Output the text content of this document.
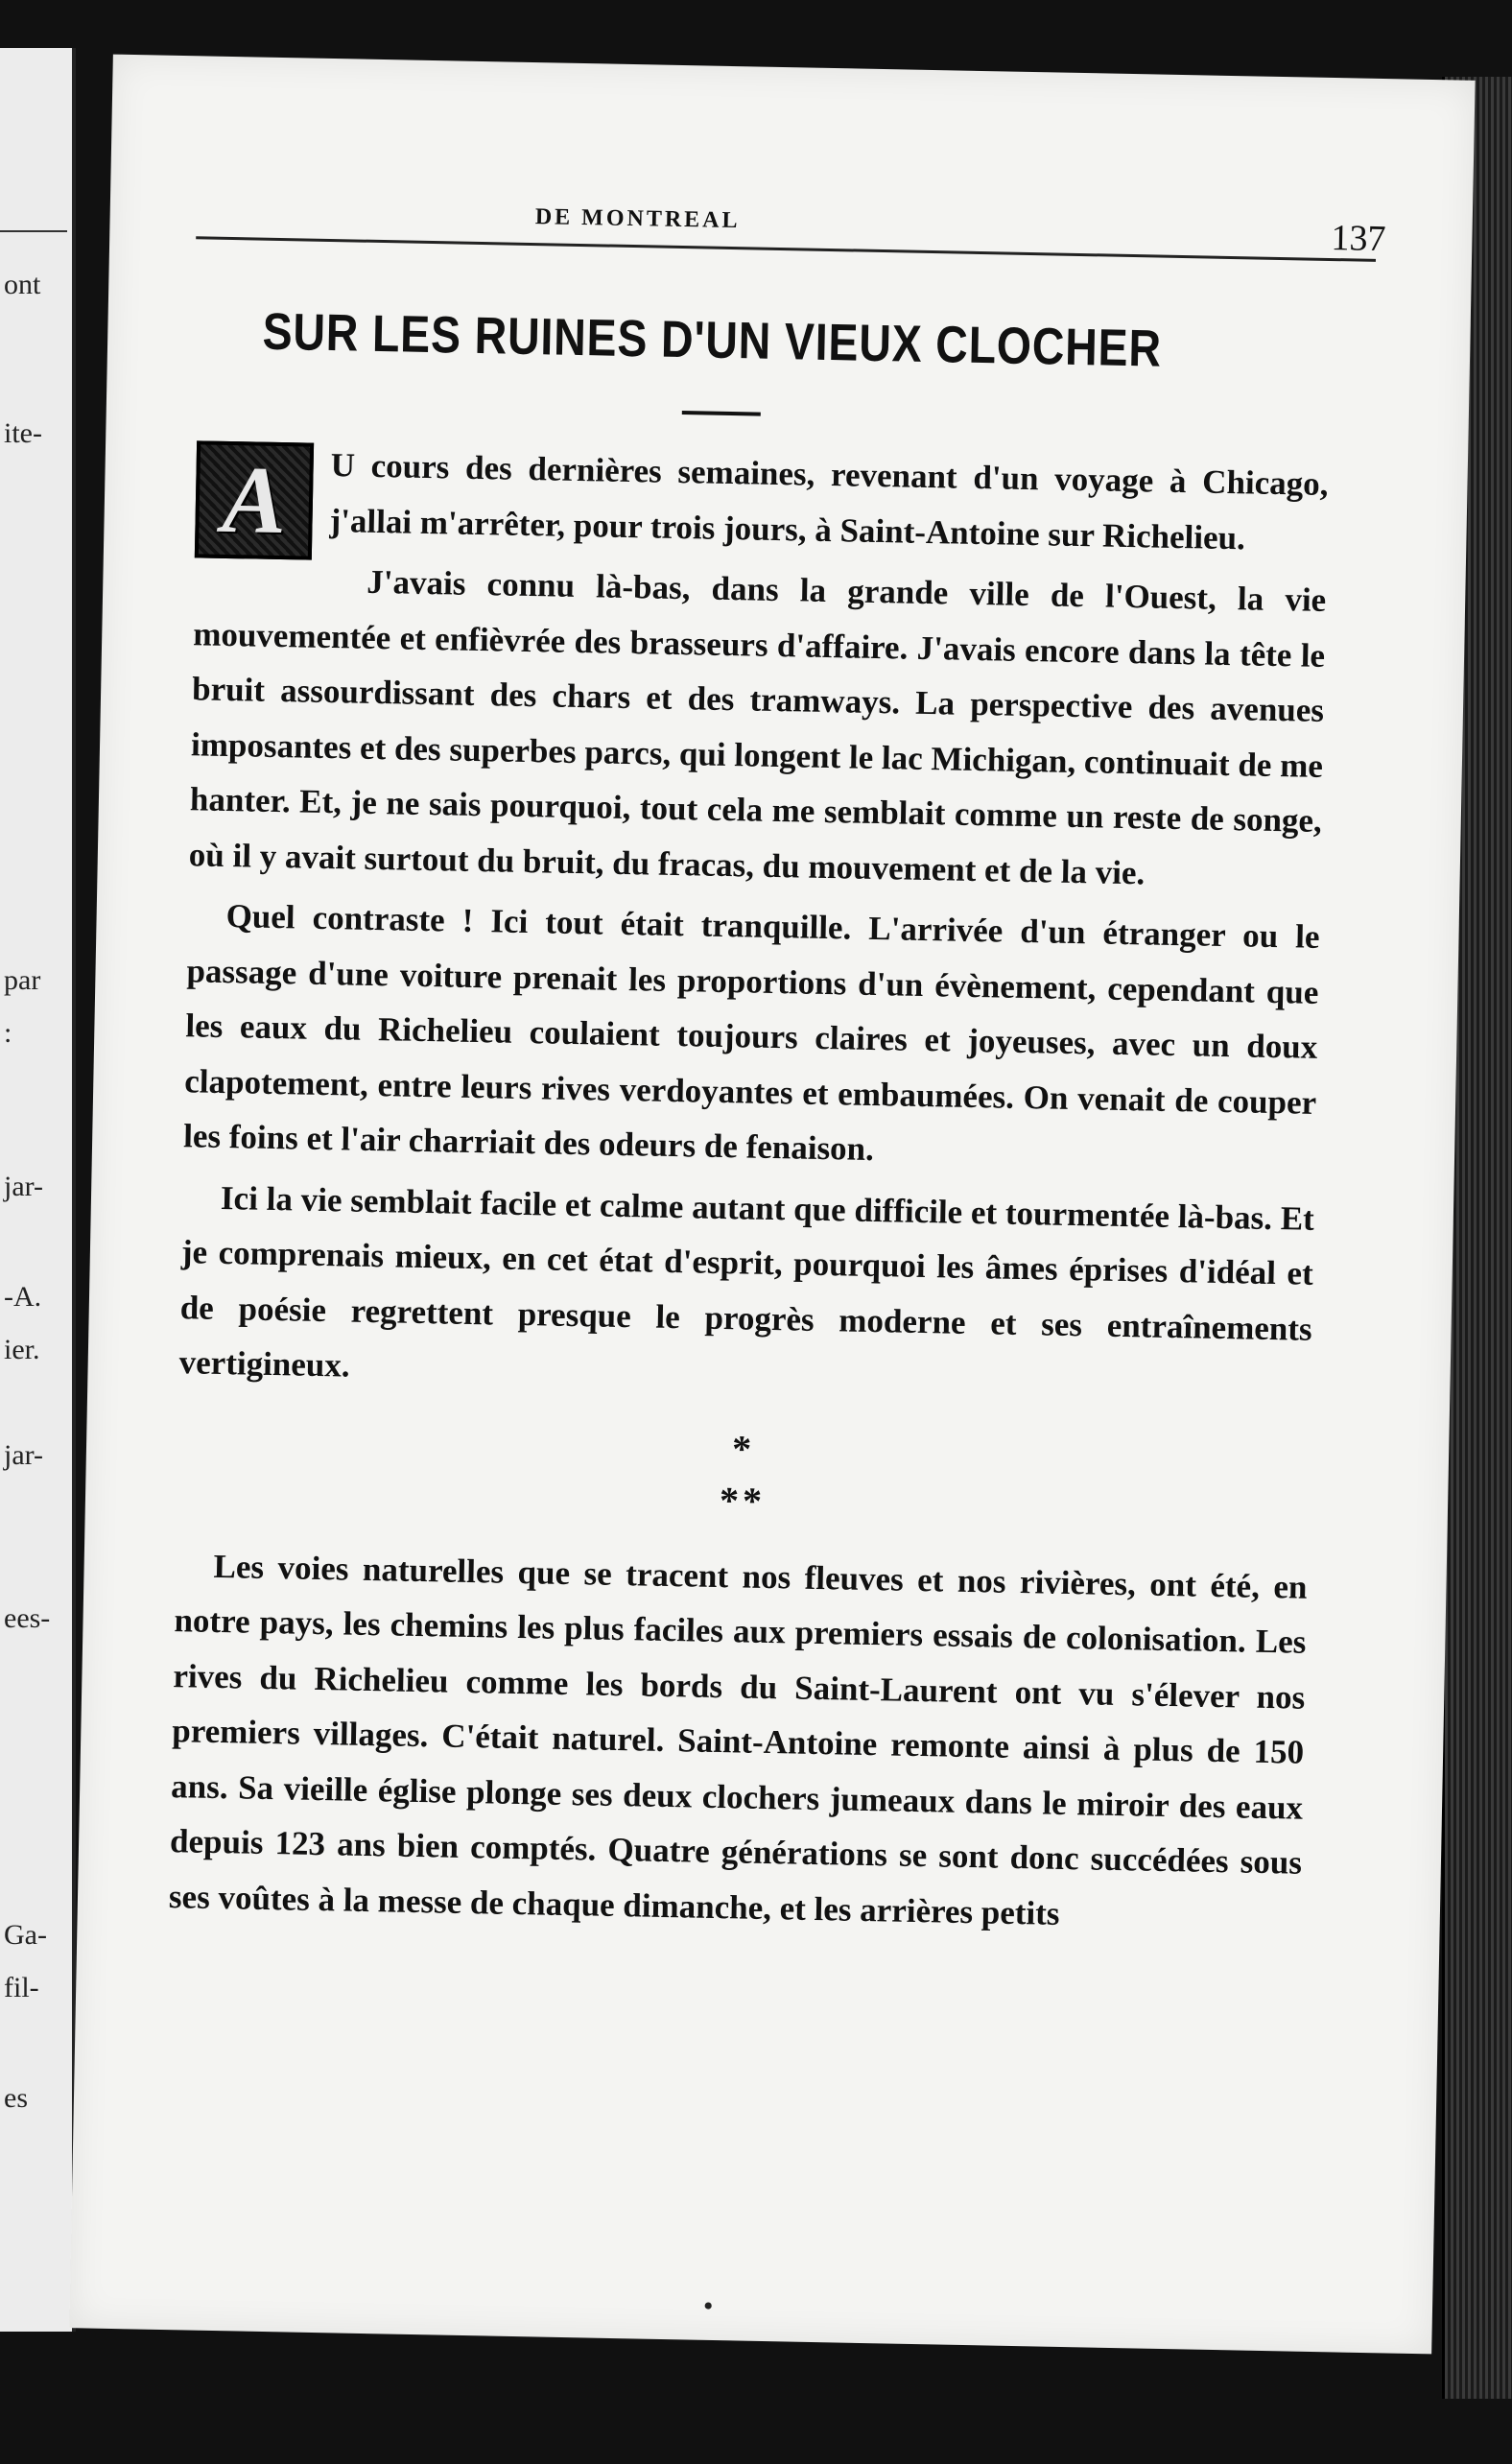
ont
ite-
par
:
jar-
-A.
ier.
jar-
ees-
Ga-
fil-
es
DE MONTREAL	137
SUR LES RUINES D'UN VIEUX CLOCHER

A U cours des dernières semaines, revenant d'un voyage à Chicago, j'allai m'arrêter, pour trois jours, à Saint-Antoine sur Richelieu.

J'avais connu là-bas, dans la grande ville de l'Ouest, la vie mouvementée et enfièvrée des brasseurs d'affaire. J'avais encore dans la tête le bruit assourdissant des chars et des tramways. La perspective des avenues imposantes et des superbes parcs, qui longent le lac Michigan, continuait de me hanter. Et, je ne sais pourquoi, tout cela me semblait comme un reste de songe, où il y avait surtout du bruit, du fracas, du mouvement et de la vie.

Quel contraste ! Ici tout était tranquille. L'arrivée d'un étranger ou le passage d'une voiture prenait les proportions d'un évènement, cependant que les eaux du Richelieu coulaient toujours claires et joyeuses, avec un doux clapotement, entre leurs rives verdoyantes et embaumées. On venait de couper les foins et l'air charriait des odeurs de fenaison.

Ici la vie semblait facile et calme autant que difficile et tourmentée là-bas. Et je comprenais mieux, en cet état d'esprit, pourquoi les âmes éprises d'idéal et de poésie regrettent presque le progrès moderne et ses entraînements vertigineux.

*
**

Les voies naturelles que se tracent nos fleuves et nos rivières, ont été, en notre pays, les chemins les plus faciles aux premiers essais de colonisation. Les rives du Richelieu comme les bords du Saint-Laurent ont vu s'élever nos premiers villages. C'était naturel. Saint-Antoine remonte ainsi à plus de 150 ans. Sa vieille église plonge ses deux clochers jumeaux dans le miroir des eaux depuis 123 ans bien comptés. Quatre générations se sont donc succédées sous ses voûtes à la messe de chaque dimanche, et les arrières petits

•
